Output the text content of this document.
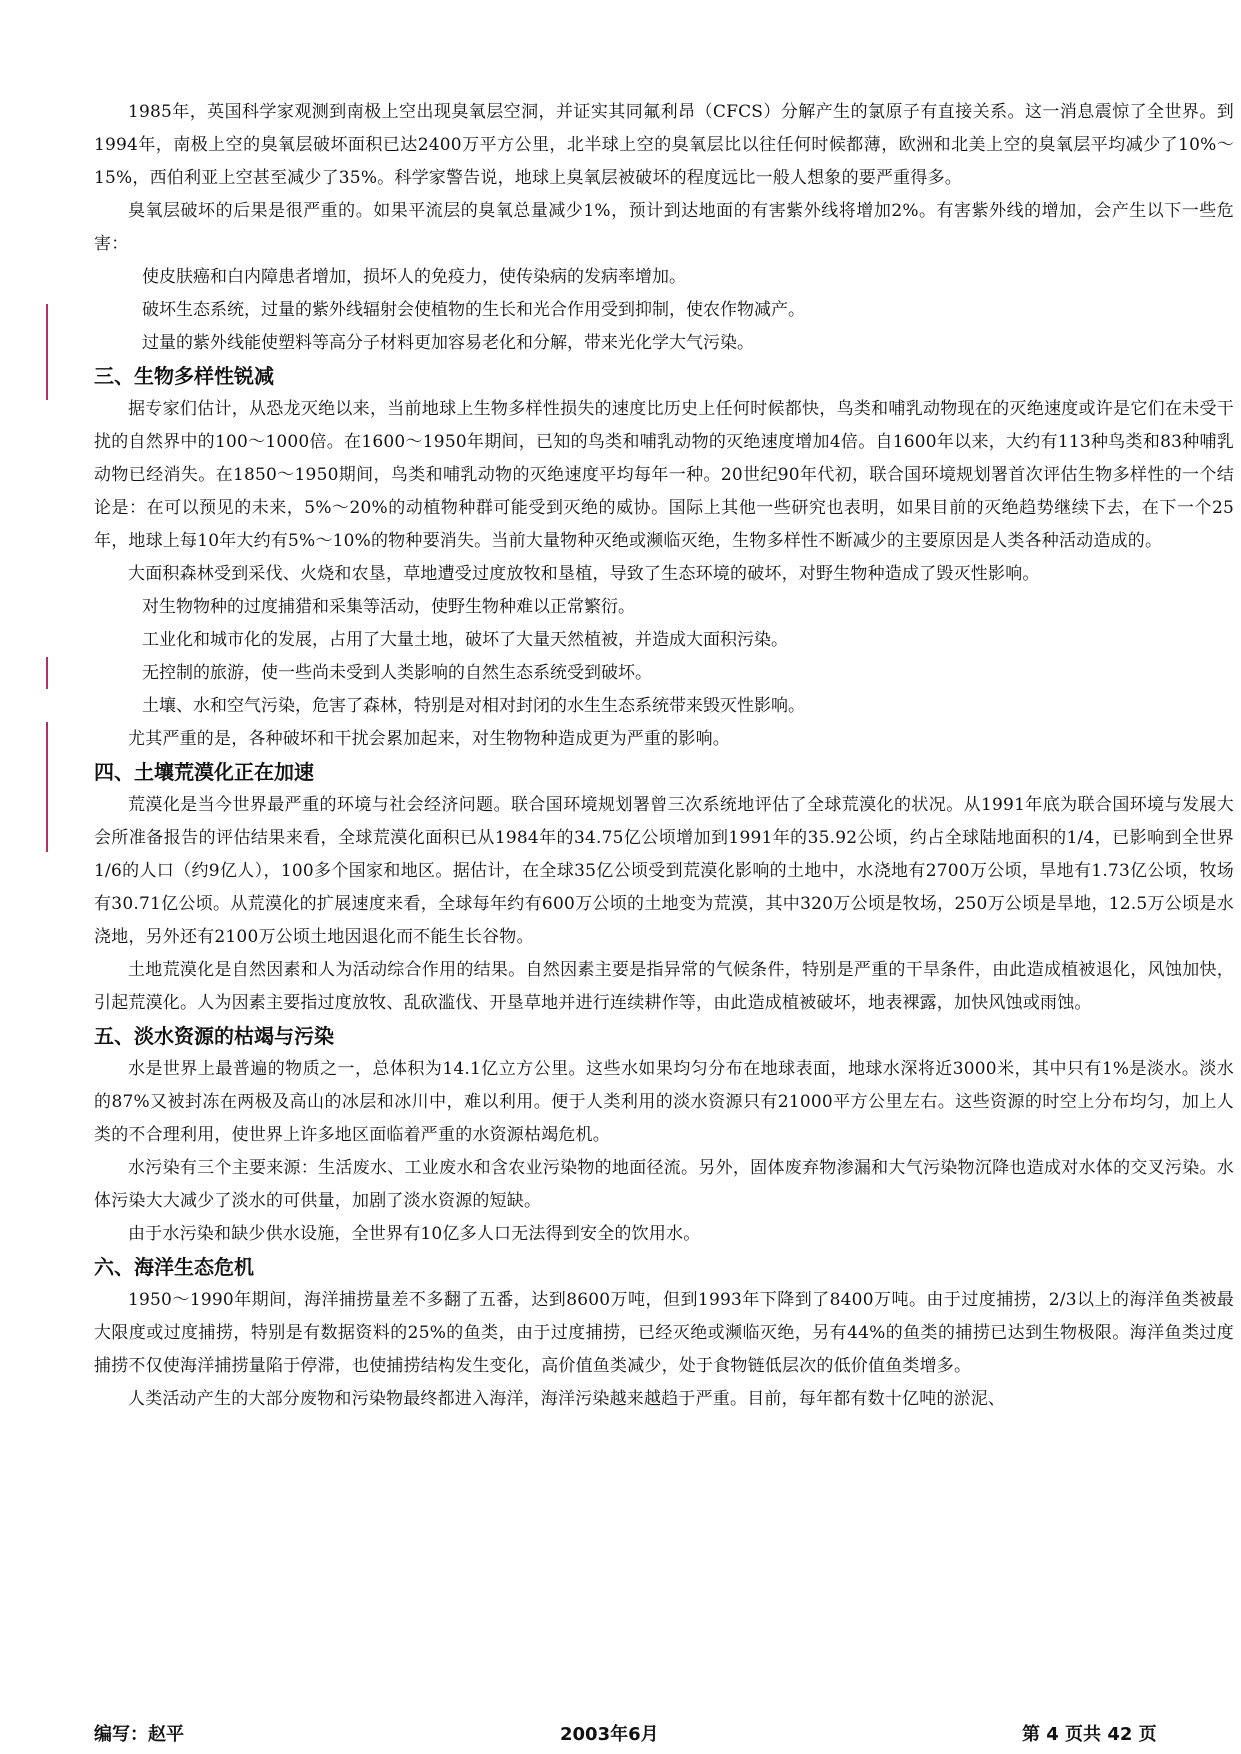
1985年，英国科学家观测到南极上空出现臭氧层空洞，并证实其同氟利昂（CFCS）分解产生的氯原子有直接关系。这一消息震惊了全世界。到1994年，南极上空的臭氧层破坏面积已达2400万平方公里，北半球上空的臭氧层比以往任何时候都薄，欧洲和北美上空的臭氧层平均减少了10%～15%，西伯利亚上空甚至减少了35%。科学家警告说，地球上臭氧层被破坏的程度远比一般人想象的要严重得多。

臭氧层破坏的后果是很严重的。如果平流层的臭氧总量减少1%，预计到达地面的有害紫外线将增加2%。有害紫外线的增加，会产生以下一些危害：

使皮肤癌和白内障患者增加，损坏人的免疫力，使传染病的发病率增加。

破坏生态系统，过量的紫外线辐射会使植物的生长和光合作用受到抑制，使农作物减产。

过量的紫外线能使塑料等高分子材料更加容易老化和分解，带来光化学大气污染。

三、生物多样性锐减

据专家们估计，从恐龙灭绝以来，当前地球上生物多样性损失的速度比历史上任何时候都快，鸟类和哺乳动物现在的灭绝速度或许是它们在未受干扰的自然界中的100～1000倍。在1600～1950年期间，已知的鸟类和哺乳动物的灭绝速度增加4倍。自1600年以来，大约有113种鸟类和83种哺乳动物已经消失。在1850～1950期间，鸟类和哺乳动物的灭绝速度平均每年一种。20世纪90年代初，联合国环境规划署首次评估生物多样性的一个结论是：在可以预见的未来，5%～20%的动植物种群可能受到灭绝的威协。国际上其他一些研究也表明，如果目前的灭绝趋势继续下去，在下一个25年，地球上每10年大约有5%～10%的物种要消失。当前大量物种灭绝或濒临灭绝，生物多样性不断减少的主要原因是人类各种活动造成的。

大面积森林受到采伐、火烧和农垦，草地遭受过度放牧和垦植，导致了生态环境的破坏，对野生物种造成了毁灭性影响。

对生物物种的过度捕猎和采集等活动，使野生物种难以正常繁衍。

工业化和城市化的发展，占用了大量土地，破坏了大量天然植被，并造成大面积污染。

无控制的旅游，使一些尚未受到人类影响的自然生态系统受到破坏。

土壤、水和空气污染，危害了森林，特别是对相对封闭的水生生态系统带来毁灭性影响。

尤其严重的是，各种破坏和干扰会累加起来，对生物物种造成更为严重的影响。

四、土壤荒漠化正在加速

荒漠化是当今世界最严重的环境与社会经济问题。联合国环境规划署曾三次系统地评估了全球荒漠化的状况。从1991年底为联合国环境与发展大会所准备报告的评估结果来看，全球荒漠化面积已从1984年的34.75亿公顷增加到1991年的35.92公顷，约占全球陆地面积的1/4，已影响到全世界1/6的人口（约9亿人），100多个国家和地区。据估计，在全球35亿公顷受到荒漠化影响的土地中，水浇地有2700万公顷，旱地有1.73亿公顷，牧场有30.71亿公顷。从荒漠化的扩展速度来看，全球每年约有600万公顷的土地变为荒漠，其中320万公顷是牧场，250万公顷是旱地，12.5万公顷是水浇地，另外还有2100万公顷土地因退化而不能生长谷物。

土地荒漠化是自然因素和人为活动综合作用的结果。自然因素主要是指异常的气候条件，特别是严重的干旱条件，由此造成植被退化，风蚀加快，引起荒漠化。人为因素主要指过度放牧、乱砍滥伐、开垦草地并进行连续耕作等，由此造成植被破坏，地表裸露，加快风蚀或雨蚀。

五、淡水资源的枯竭与污染

水是世界上最普遍的物质之一，总体积为14.1亿立方公里。这些水如果均匀分布在地球表面，地球水深将近3000米，其中只有1%是淡水。淡水的87%又被封冻在两极及高山的冰层和冰川中，难以利用。便于人类利用的淡水资源只有21000平方公里左右。这些资源的时空上分布均匀，加上人类的不合理利用，使世界上许多地区面临着严重的水资源枯竭危机。

水污染有三个主要来源：生活废水、工业废水和含农业污染物的地面径流。另外，固体废弃物渗漏和大气污染物沉降也造成对水体的交叉污染。水体污染大大减少了淡水的可供量，加剧了淡水资源的短缺。

由于水污染和缺少供水设施，全世界有10亿多人口无法得到安全的饮用水。

六、海洋生态危机

1950～1990年期间，海洋捕捞量差不多翻了五番，达到8600万吨，但到1993年下降到了8400万吨。由于过度捕捞，2/3以上的海洋鱼类被最大限度或过度捕捞，特别是有数据资料的25%的鱼类，由于过度捕捞，已经灭绝或濒临灭绝，另有44%的鱼类的捕捞已达到生物极限。海洋鱼类过度捕捞不仅使海洋捕捞量陷于停滞，也使捕捞结构发生变化，高价值鱼类减少，处于食物链低层次的低价值鱼类增多。

人类活动产生的大部分废物和污染物最终都进入海洋，海洋污染越来越趋于严重。目前，每年都有数十亿吨的淤泥、

编写：赵平	2003年6月	第 4 页共 42 页
